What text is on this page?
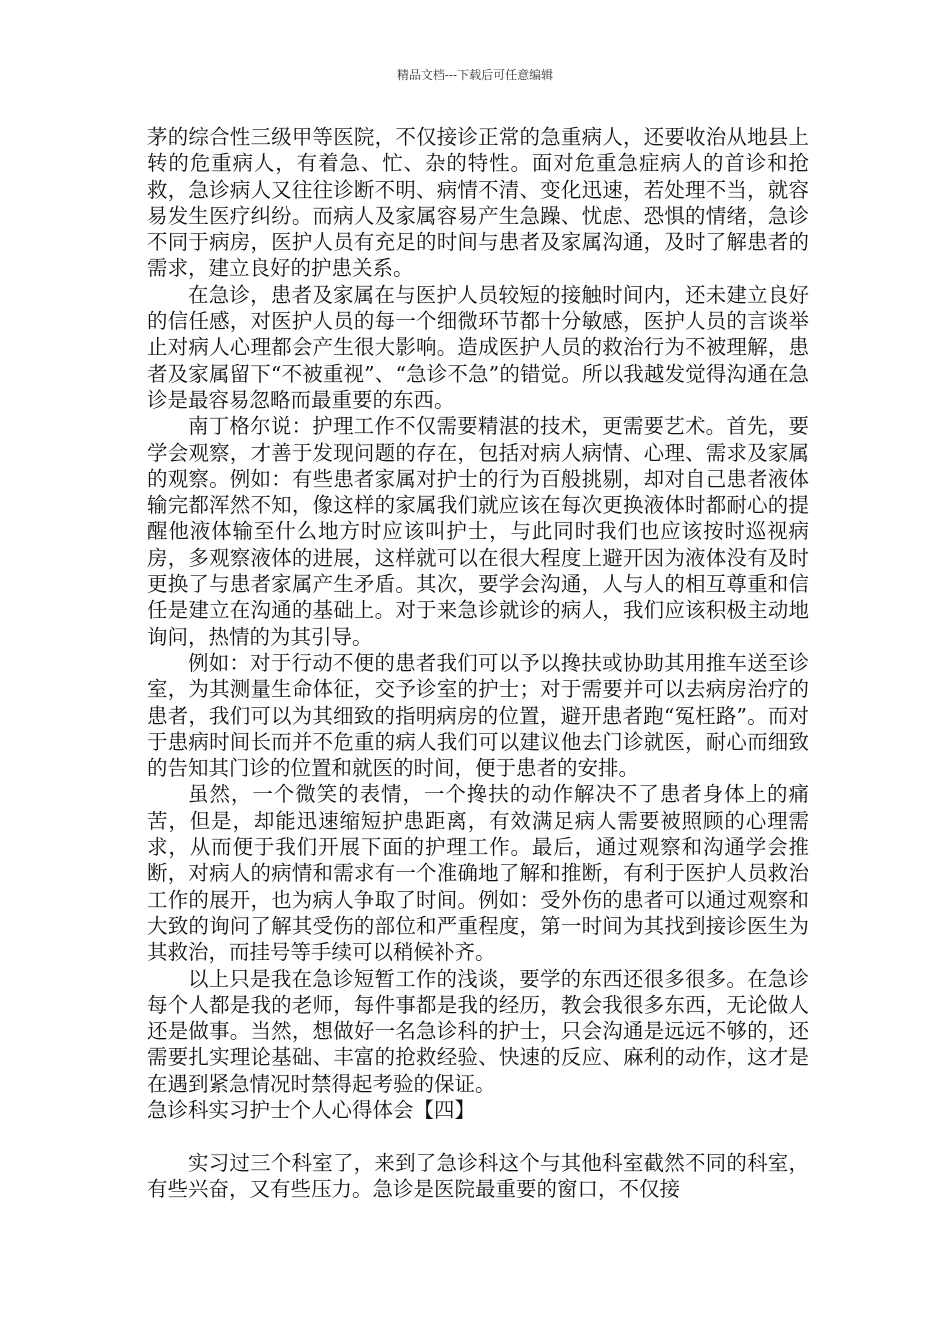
精品文档---下载后可任意编辑

茅的综合性三级甲等医院，不仅接诊正常的急重病人，还要收治从地县上转的危重病人，有着急、忙、杂的特性。面对危重急症病人的首诊和抢救，急诊病人又往往诊断不明、病情不清、变化迅速，若处理不当，就容易发生医疗纠纷。而病人及家属容易产生急躁、忧虑、恐惧的情绪，急诊不同于病房，医护人员有充足的时间与患者及家属沟通，及时了解患者的需求，建立良好的护患关系。

在急诊，患者及家属在与医护人员较短的接触时间内，还未建立良好的信任感，对医护人员的每一个细微环节都十分敏感，医护人员的言谈举止对病人心理都会产生很大影响。造成医护人员的救治行为不被理解，患者及家属留下“不被重视”、“急诊不急”的错觉。所以我越发觉得沟通在急诊是最容易忽略而最重要的东西。

南丁格尔说：护理工作不仅需要精湛的技术，更需要艺术。首先，要学会观察，才善于发现问题的存在，包括对病人病情、心理、需求及家属的观察。例如：有些患者家属对护士的行为百般挑剔，却对自己患者液体输完都浑然不知，像这样的家属我们就应该在每次更换液体时都耐心的提醒他液体输至什么地方时应该叫护士，与此同时我们也应该按时巡视病房，多观察液体的进展，这样就可以在很大程度上避开因为液体没有及时更换了与患者家属产生矛盾。其次，要学会沟通，人与人的相互尊重和信任是建立在沟通的基础上。对于来急诊就诊的病人，我们应该积极主动地询问，热情的为其引导。

例如：对于行动不便的患者我们可以予以搀扶或协助其用推车送至诊室，为其测量生命体征，交予诊室的护士；对于需要并可以去病房治疗的患者，我们可以为其细致的指明病房的位置，避开患者跑“冤枉路”。而对于患病时间长而并不危重的病人我们可以建议他去门诊就医，耐心而细致的告知其门诊的位置和就医的时间，便于患者的安排。

虽然，一个微笑的表情，一个搀扶的动作解决不了患者身体上的痛苦，但是，却能迅速缩短护患距离，有效满足病人需要被照顾的心理需求，从而便于我们开展下面的护理工作。最后，通过观察和沟通学会推断，对病人的病情和需求有一个准确地了解和推断，有利于医护人员救治工作的展开，也为病人争取了时间。例如：受外伤的患者可以通过观察和大致的询问了解其受伤的部位和严重程度，第一时间为其找到接诊医生为其救治，而挂号等手续可以稍候补齐。

以上只是我在急诊短暂工作的浅谈，要学的东西还很多很多。在急诊每个人都是我的老师，每件事都是我的经历，教会我很多东西，无论做人还是做事。当然，想做好一名急诊科的护士，只会沟通是远远不够的，还需要扎实理论基础、丰富的抢救经验、快速的反应、麻利的动作，这才是在遇到紧急情况时禁得起考验的保证。

急诊科实习护士个人心得体会【四】

实习过三个科室了，来到了急诊科这个与其他科室截然不同的科室，有些兴奋，又有些压力。急诊是医院最重要的窗口，不仅接
